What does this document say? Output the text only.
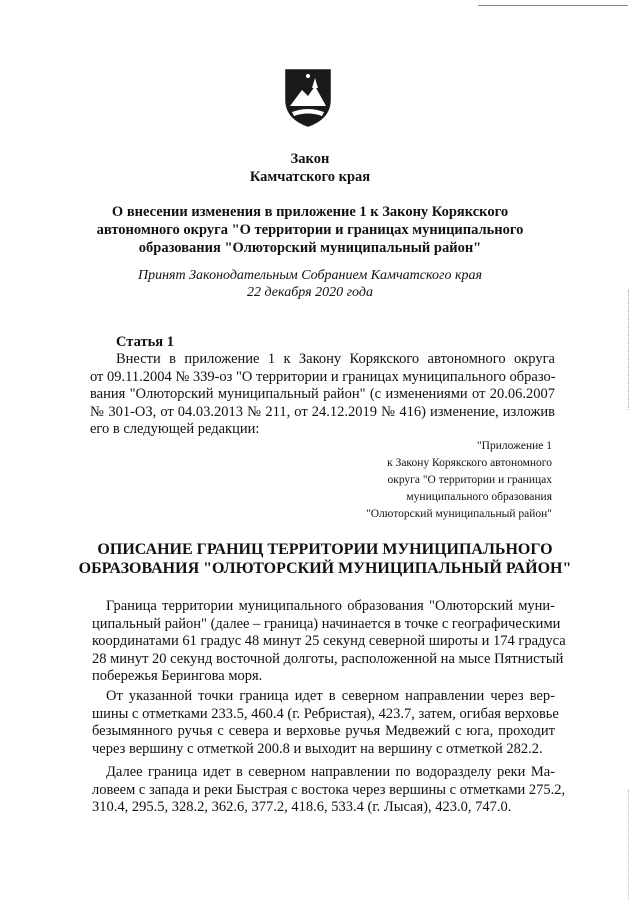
Закон
Камчатского края
О внесении изменения в приложение 1 к Закону Корякского
автономного округа "О территории и границах муниципального
образования "Олюторский муниципальный район"
Принят Законодательным Собранием Камчатского края
22 декабря 2020 года
Статья 1
Внести в приложение 1 к Закону Корякского автономного округа
от 09.11.2004 № 339-оз "О территории и границах муниципального образо-
вания "Олюторский муниципальный район" (с изменениями от 20.06.2007
№ 301-ОЗ, от 04.03.2013 № 211, от 24.12.2019 № 416) изменение, изложив
его в следующей редакции:
"Приложение 1
к Закону Корякского автономного
округа "О территории и границах
муниципального образования
"Олюторский муниципальный район"
ОПИСАНИЕ ГРАНИЦ ТЕРРИТОРИИ МУНИЦИПАЛЬНОГО
ОБРАЗОВАНИЯ "ОЛЮТОРСКИЙ МУНИЦИПАЛЬНЫЙ РАЙОН"
Граница территории муниципального образования "Олюторский муни-
ципальный район" (далее – граница) начинается в точке с географическими
координатами 61 градус 48 минут 25 секунд северной широты и 174 градуса
28 минут 20 секунд восточной долготы, расположенной на мысе Пятнистый
побережья Берингова моря.
От указанной точки граница идет в северном направлении через вер-
шины с отметками 233.5, 460.4 (г. Ребристая), 423.7, затем, огибая верховье
безымянного ручья с севера и верховье ручья Медвежий с юга, проходит
через вершину с отметкой 200.8 и выходит на вершину с отметкой 282.2.
Далее граница идет в северном направлении по водоразделу реки Ма-
ловеем с запада и реки Быстрая с востока через вершины с отметками 275.2,
310.4, 295.5, 328.2, 362.6, 377.2, 418.6, 533.4 (г. Лысая), 423.0, 747.0.
